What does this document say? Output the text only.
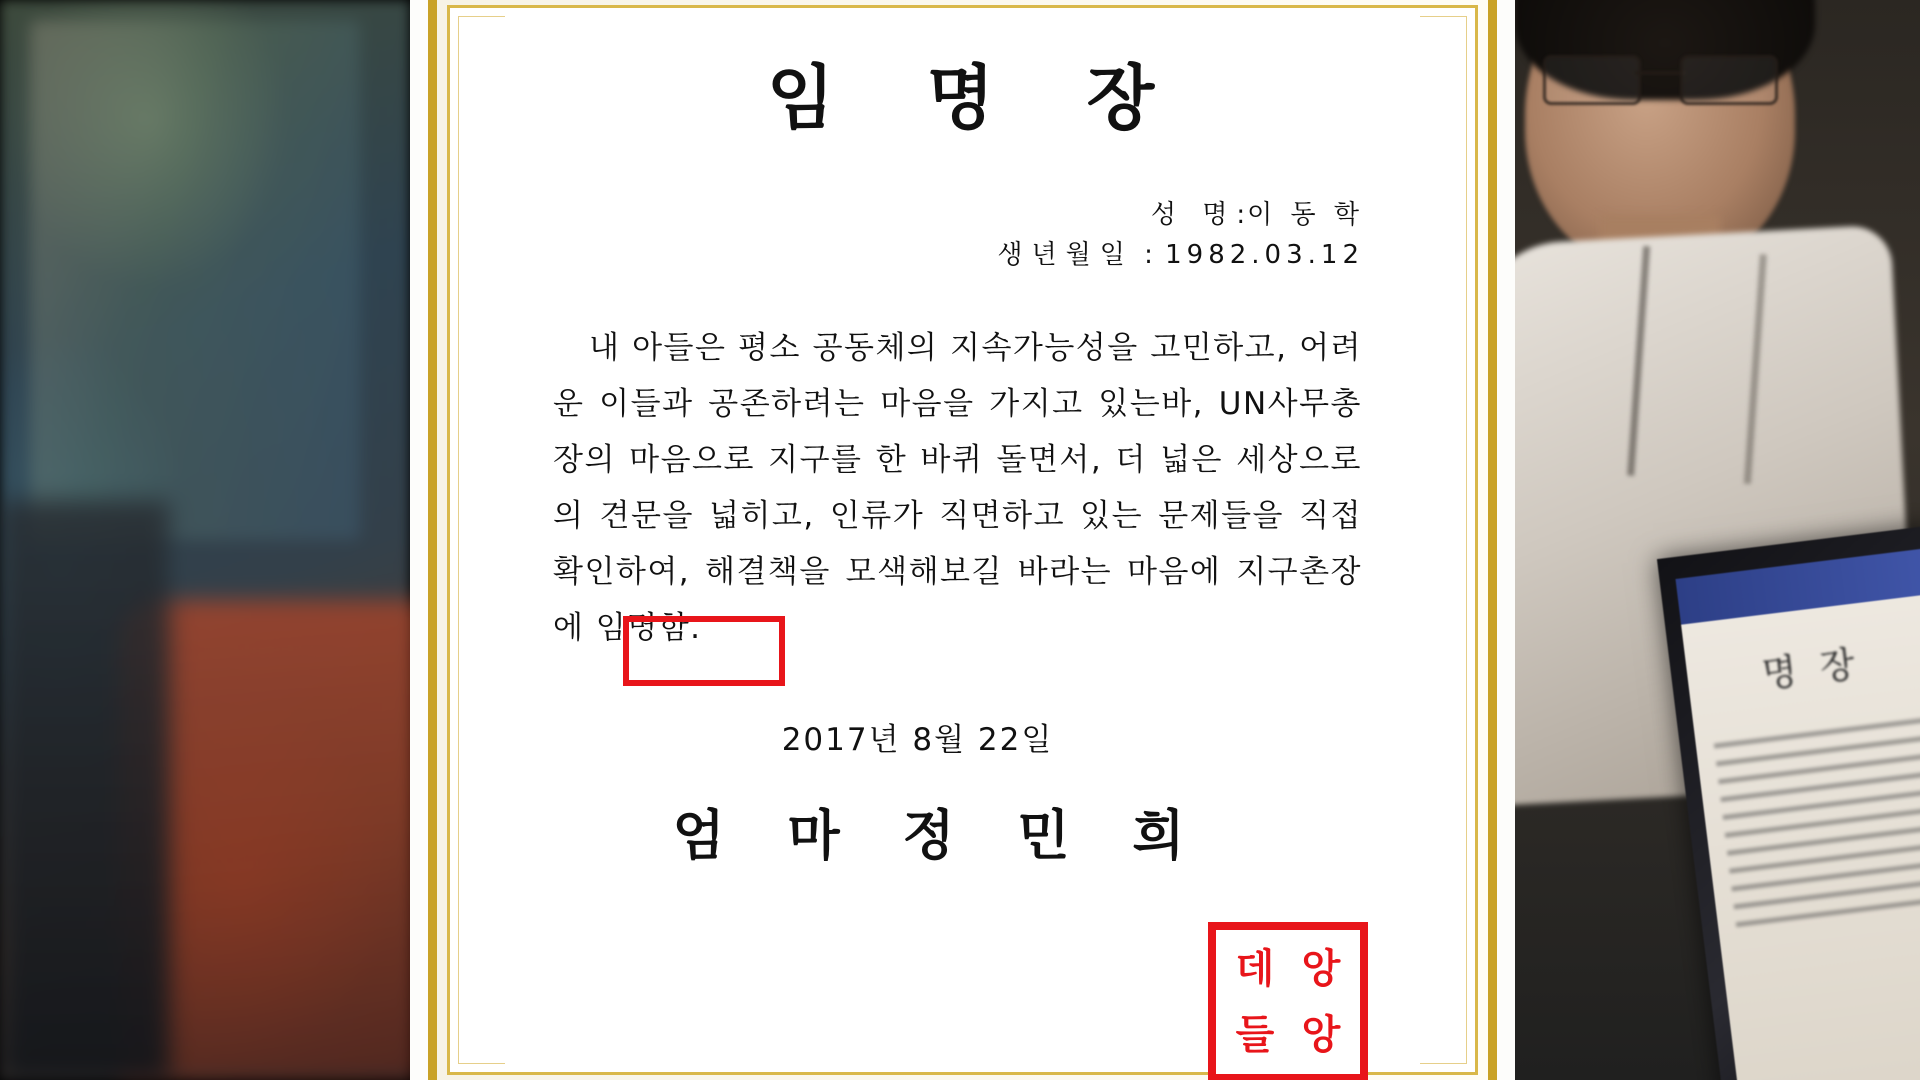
명 장
임 명 장
성 명:이 동 학
생년월일 : 1982.03.12

내 아들은 평소 공동체의 지속가능성을 고민하고, 어려운 이들과 공존하려는 마음을 가지고 있는바, UN사무총장의 마음으로 지구를 한 바퀴 돌면서, 더 넓은 세상으로의 견문을 넓히고, 인류가 직면하고 있는 문제들을 직접 확인하여, 해결책을 모색해보길 바라는 마음에 지구촌장에 임명함.

2017년 8월 22일
엄 마 정 민 희
데 앙
들 앙
